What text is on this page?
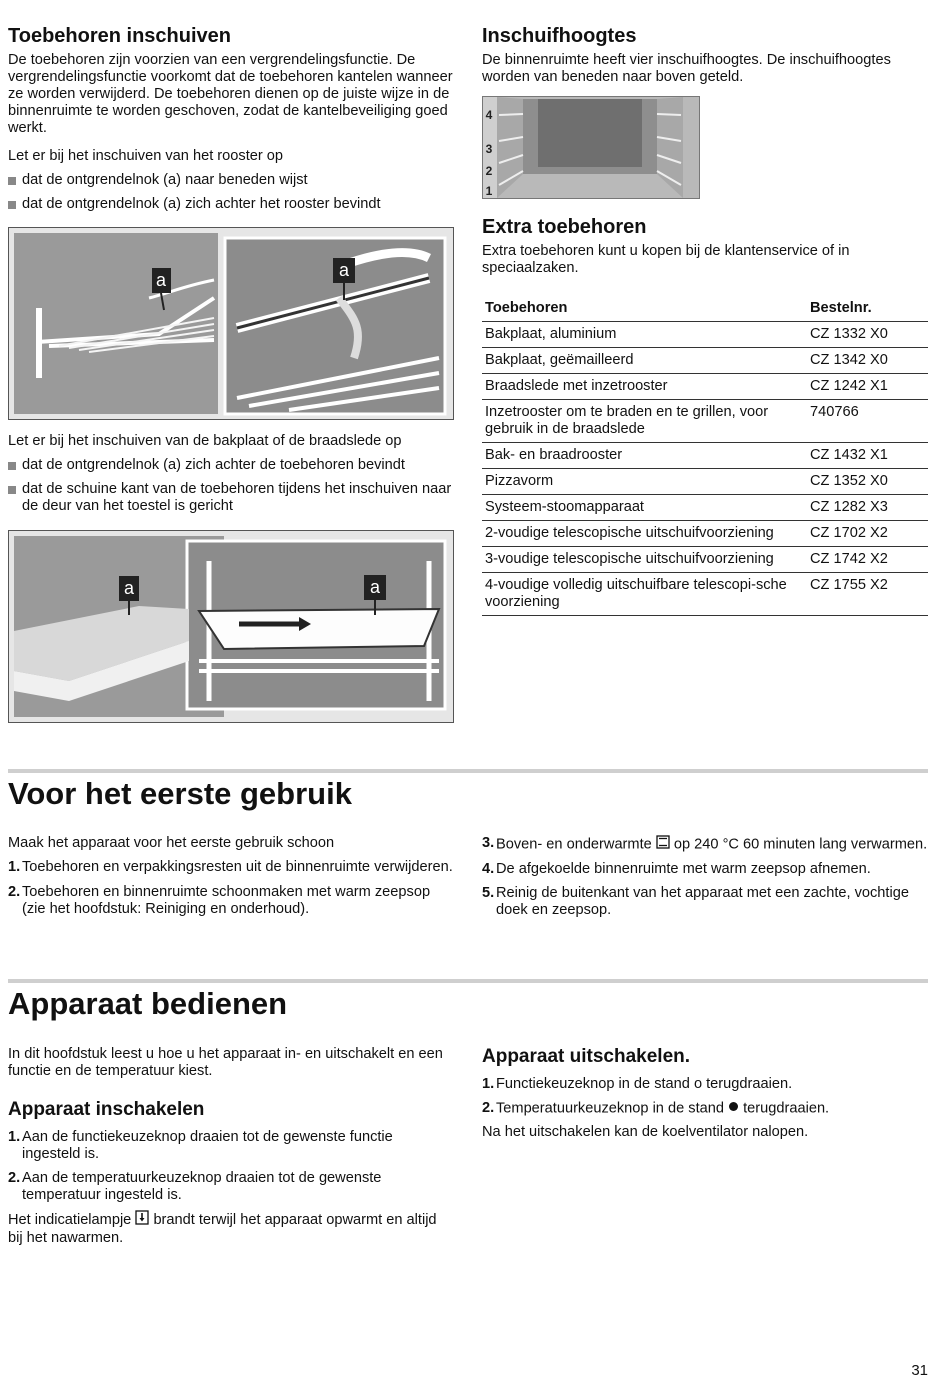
Toebehoren inschuiven

De toebehoren zijn voorzien van een vergrendelingsfunctie. De vergrendelingsfunctie voorkomt dat de toebehoren kantelen wanneer ze worden verwijderd. De toebehoren dienen op de juiste wijze in de binnenruimte te worden geschoven, zodat de kantelbeveiliging goed werkt.

Let er bij het inschuiven van het rooster op

dat de ontgrendelnok (a) naar beneden wijst
dat de ontgrendelnok (a) zich achter het rooster bevindt
a	a

Let er bij het inschuiven van de bakplaat of de braadslede op

dat de ontgrendelnok (a) zich achter de toebehoren bevindt
dat de schuine kant van de toebehoren tijdens het inschuiven naar de deur van het toestel is gericht
a	a
Inschuifhoogtes

De binnenruimte heeft vier inschuifhoogtes. De inschuifhoogtes worden van beneden naar boven geteld.

4
3
2
1
Extra toebehoren

Extra toebehoren kunt u kopen bij de klantenservice of in speciaalzaken.

Toebehoren	Bestelnr.
Bakplaat, aluminium	CZ 1332 X0
Bakplaat, geëmailleerd	CZ 1342 X0
Braadslede met inzetrooster	CZ 1242 X1
Inzetrooster om te braden en te grillen, voor gebruik in de braadslede	740766
Bak- en braadrooster	CZ 1432 X1
Pizzavorm	CZ 1352 X0
Systeem-stoomapparaat	CZ 1282 X3
2-voudige telescopische uitschuifvoorziening	CZ 1702 X2
3-voudige telescopische uitschuifvoorziening	CZ 1742 X2
4-voudige volledig uitschuifbare telescopi-sche voorziening	CZ 1755 X2
Voor het eerste gebruik

Maak het apparaat voor het eerste gebruik schoon

1. Toebehoren en verpakkingsresten uit de binnenruimte verwijderen.
2. Toebehoren en binnenruimte schoonmaken met warm zeepsop (zie het hoofdstuk: Reiniging en onderhoud).
3. Boven- en onderwarmte op 240 °C 60 minuten lang verwarmen.
4. De afgekoelde binnenruimte met warm zeepsop afnemen.
5. Reinig de buitenkant van het apparaat met een zachte, vochtige doek en zeepsop.
Apparaat bedienen

In dit hoofdstuk leest u hoe u het apparaat in- en uitschakelt en een functie en de temperatuur kiest.

Apparaat inschakelen
1. Aan de functiekeuzeknop draaien tot de gewenste functie ingesteld is.
2. Aan de temperatuurkeuzeknop draaien tot de gewenste temperatuur ingesteld is.

Het indicatielampje brandt terwijl het apparaat opwarmt en altijd bij het nawarmen.

Apparaat uitschakelen.
1. Functiekeuzeknop in de stand o terugdraaien.
2. Temperatuurkeuzeknop in de stand terugdraaien.

Na het uitschakelen kan de koelventilator nalopen.

31
